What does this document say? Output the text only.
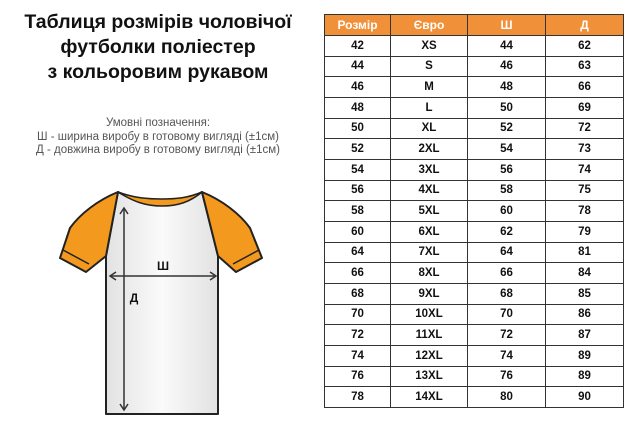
Таблиця розмірів чоловічої
футболки поліестер
з кольоровим рукавом
Умовні позначення:
Ш - ширина виробу в готовому вигляді (±1см)
Д - довжина виробу в готовому вигляді (±1см)
Ш
Д
Розмір	Євро	Ш	Д
42	XS	44	62
44	S	46	63
46	M	48	66
48	L	50	69
50	XL	52	72
52	2XL	54	73
54	3XL	56	74
56	4XL	58	75
58	5XL	60	78
60	6XL	62	79
64	7XL	64	81
66	8XL	66	84
68	9XL	68	85
70	10XL	70	86
72	11XL	72	87
74	12XL	74	89
76	13XL	76	89
78	14XL	80	90
